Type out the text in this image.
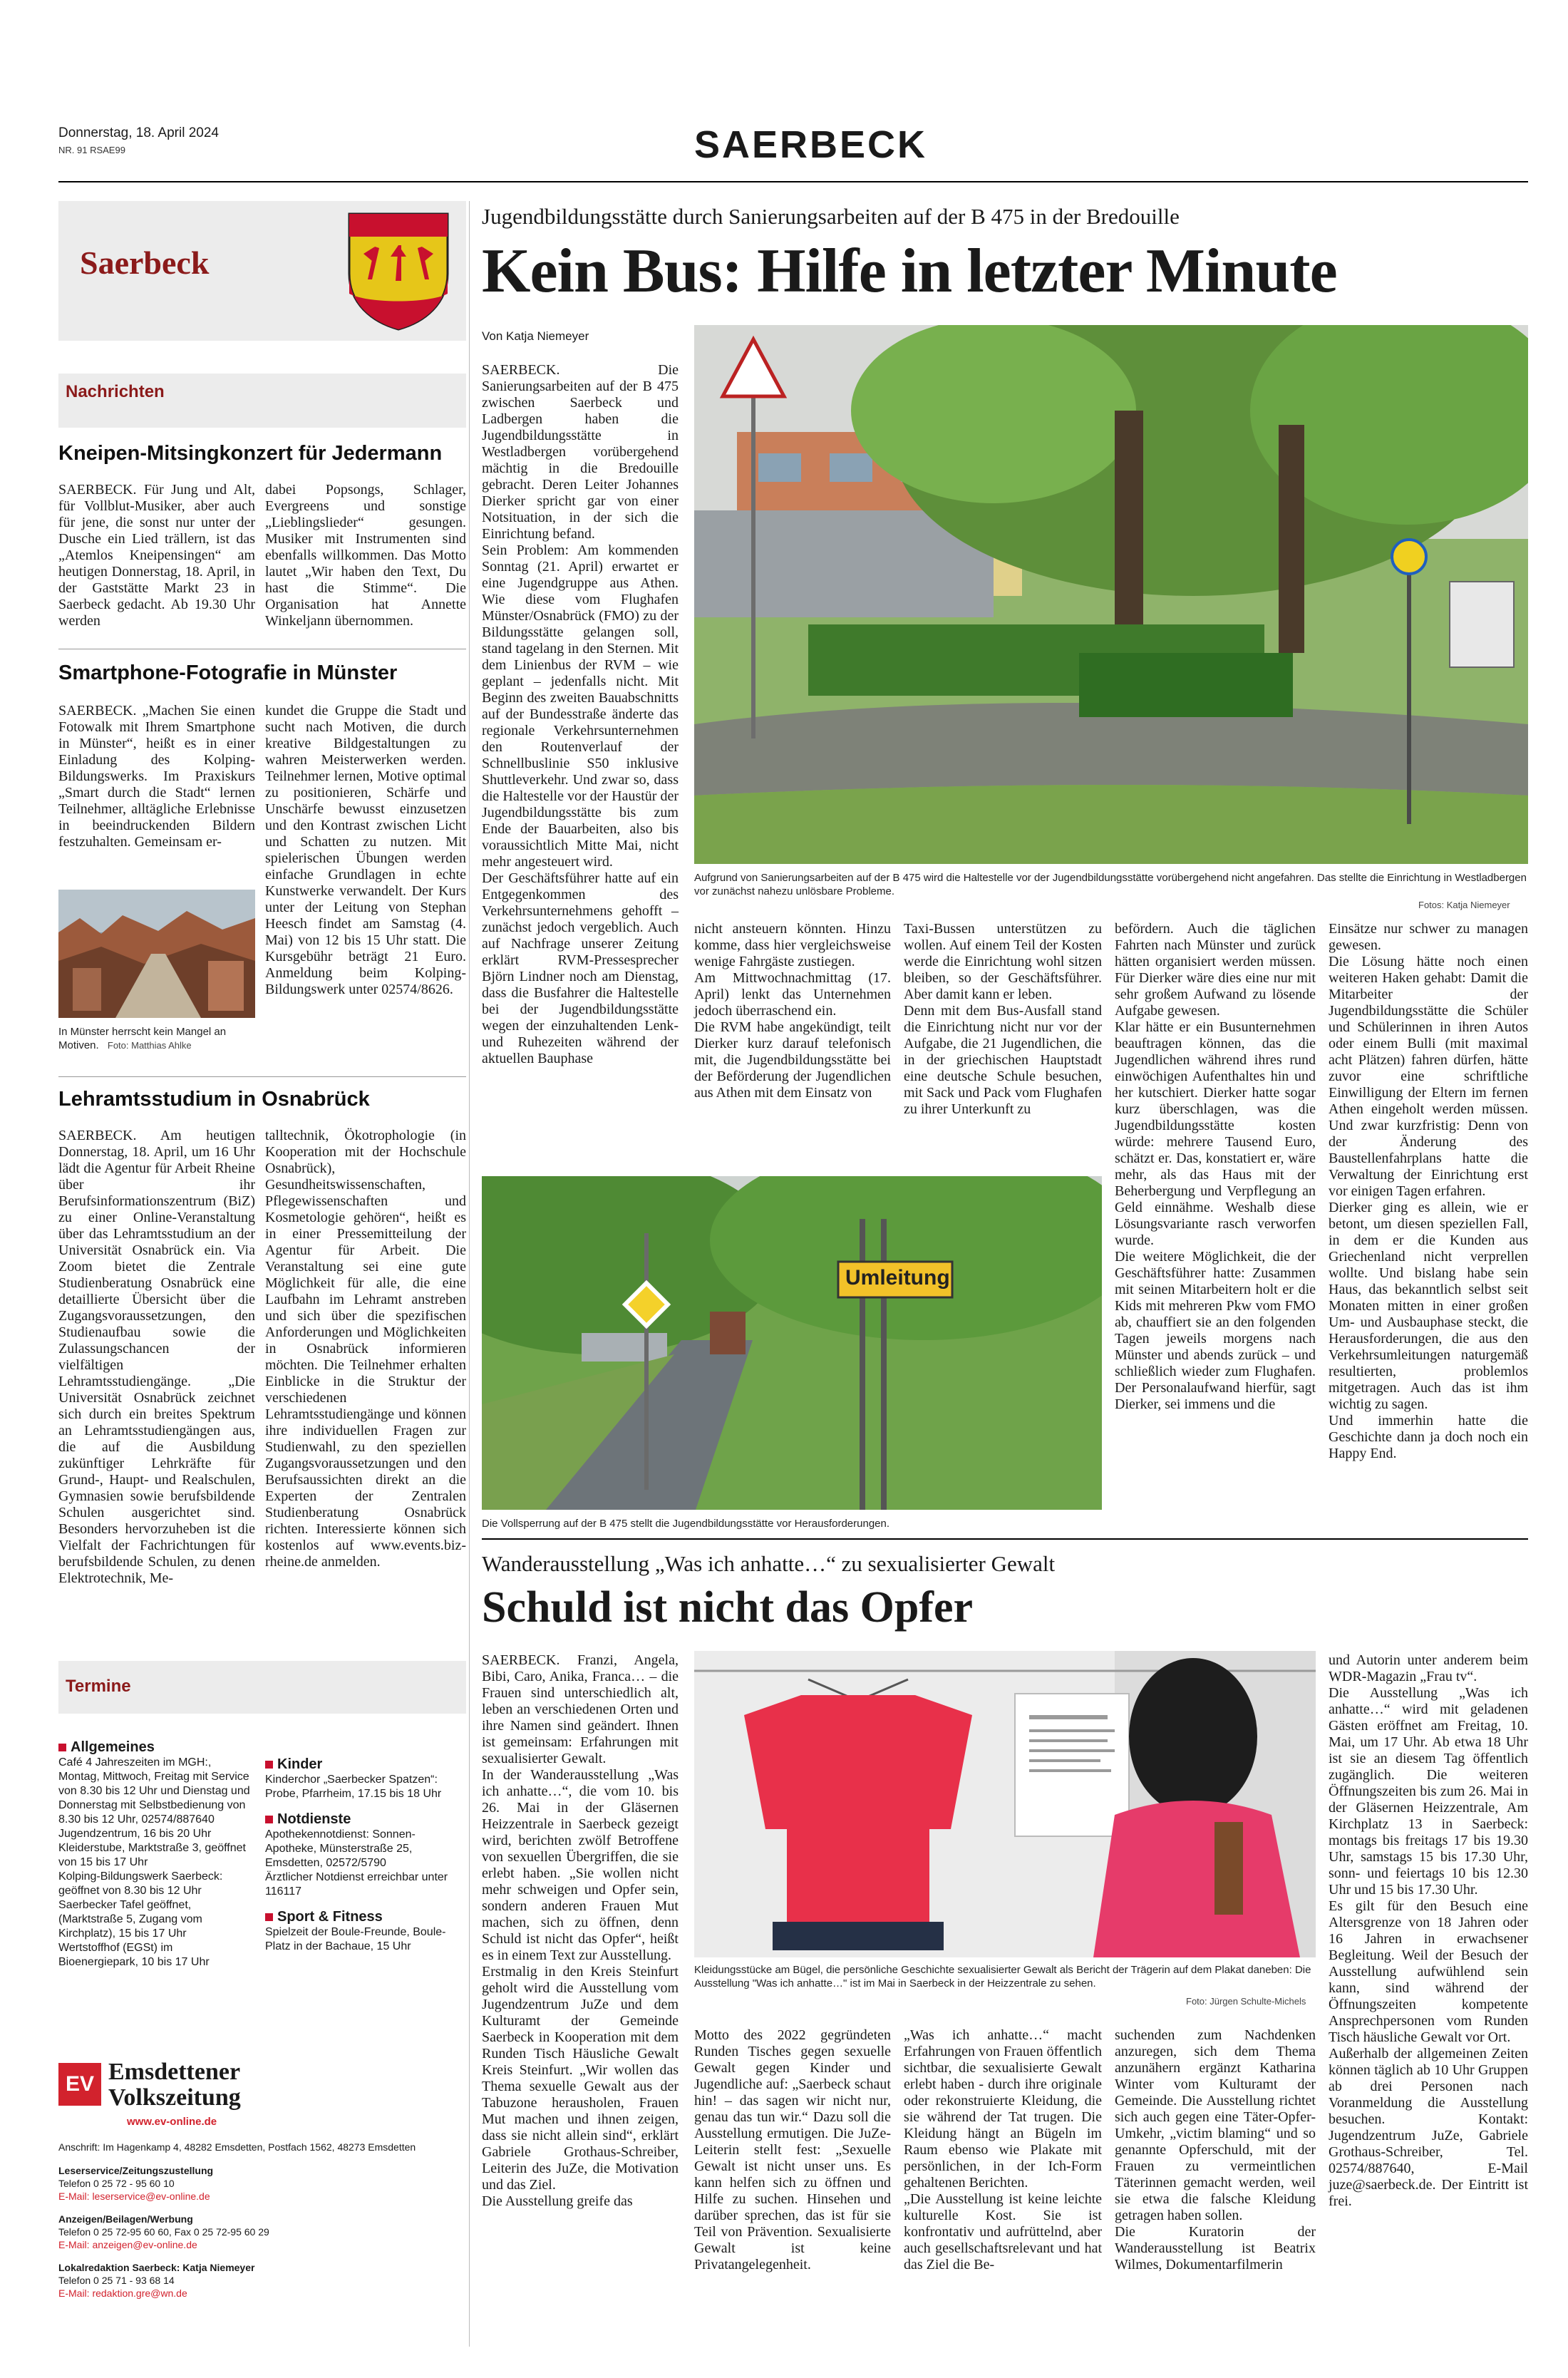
Donnerstag, 18. April 2024
NR. 91 RSAE99	SAERBECK
Saerbeck
Nachrichten
Kneipen-Mitsingkonzert für Jedermann
SAERBECK. Für Jung und Alt, für Vollblut-Musiker, aber auch für jene, die sonst nur unter der Dusche ein Lied trällern, ist das „Atemlos Kneipensingen“ am heutigen Donnerstag, 18. April, in der Gaststätte Markt 23 in Saerbeck gedacht. Ab 19.30 Uhr werden
dabei Popsongs, Schlager, Evergreens und sonstige „Lieblingslieder“ gesungen. Musiker mit Instrumenten sind ebenfalls willkommen. Das Motto lautet „Wir haben den Text, Du hast die Stimme“. Die Organisation hat Annette Winkeljann übernommen.
Smartphone-Fotografie in Münster
SAERBECK. „Machen Sie einen Fotowalk mit Ihrem Smartphone in Münster“, heißt es in einer Einladung des Kolping-Bildungswerks. Im Praxiskurs „Smart durch die Stadt“ lernen Teilnehmer, alltägliche Erlebnisse in beeindruckenden Bildern festzuhalten. Gemeinsam er-
In Münster herrscht kein Mangel an Motiven. Foto: Matthias Ahlke
kundet die Gruppe die Stadt und sucht nach Motiven, die durch kreative Bildgestaltungen zu wahren Meisterwerken werden. Teilnehmer lernen, Motive optimal zu positionieren, Schärfe und Unschärfe bewusst einzusetzen und den Kontrast zwischen Licht und Schatten zu nutzen. Mit spielerischen Übungen werden einfache Grundlagen in echte Kunstwerke verwandelt. Der Kurs unter der Leitung von Stephan Heesch findet am Samstag (4. Mai) von 12 bis 15 Uhr statt. Die Kursgebühr beträgt 21 Euro. Anmeldung beim Kolping-Bildungswerk unter 02574/8626.
Lehramtsstudium in Osnabrück
SAERBECK. Am heutigen Donnerstag, 18. April, um 16 Uhr lädt die Agentur für Arbeit Rheine über ihr Berufsinformationszentrum (BiZ) zu einer Online-Veranstaltung über das Lehramtsstudium an der Universität Osnabrück ein. Via Zoom bietet die Zentrale Studienberatung Osnabrück eine detaillierte Übersicht über die Zugangsvoraussetzungen, den Studienaufbau sowie die Zulassungschancen der vielfältigen Lehramtsstudiengänge. „Die Universität Osnabrück zeichnet sich durch ein breites Spektrum an Lehramtsstudiengängen aus, die auf die Ausbildung zukünftiger Lehrkräfte für Grund-, Haupt- und Realschulen, Gymnasien sowie berufsbildende Schulen ausgerichtet sind. Besonders hervorzuheben ist die Vielfalt der Fachrichtungen für berufsbildende Schulen, zu denen Elektrotechnik, Me-
talltechnik, Ökotrophologie (in Kooperation mit der Hochschule Osnabrück), Gesundheitswissenschaften, Pflegewissenschaften und Kosmetologie gehören“, heißt es in einer Pressemitteilung der Agentur für Arbeit. Die Veranstaltung sei eine gute Möglichkeit für alle, die eine Laufbahn im Lehramt anstreben und sich über die spezifischen Anforderungen und Möglichkeiten in Osnabrück informieren möchten. Die Teilnehmer erhalten Einblicke in die Struktur der verschiedenen Lehramtsstudiengänge und können ihre individuellen Fragen zur Studienwahl, zu den speziellen Zugangsvoraussetzungen und den Berufsaussichten direkt an die Experten der Zentralen Studienberatung Osnabrück richten. Interessierte können sich kostenlos auf www.events.biz-rheine.de anmelden.
Termine
Allgemeines
Café 4 Jahreszeiten im MGH:, Montag, Mittwoch, Freitag mit Service von 8.30 bis 12 Uhr und Dienstag und Donnerstag mit Selbstbedienung von 8.30 bis 12 Uhr, 02574/887640
Jugendzentrum, 16 bis 20 Uhr
Kleiderstube, Marktstraße 3, geöffnet von 15 bis 17 Uhr
Kolping-Bildungswerk Saerbeck: geöffnet von 8.30 bis 12 Uhr
Saerbecker Tafel geöffnet, (Marktstraße 5, Zugang vom Kirchplatz), 15 bis 17 Uhr
Wertstoffhof (EGSt) im Bioenergiepark, 10 bis 17 Uhr
Kinder
Kinderchor „Saerbecker Spatzen“: Probe, Pfarrheim, 17.15 bis 18 Uhr
Notdienste
Apothekennotdienst: Sonnen-Apotheke, Münsterstraße 25, Emsdetten, 02572/5790
Ärztlicher Notdienst erreichbar unter 116117
Sport & Fitness
Spielzeit der Boule-Freunde, Boule-Platz in der Bachaue, 15 Uhr
EV Emsdettener
Volkszeitung
www.ev-online.de
Anschrift: Im Hagenkamp 4, 48282 Emsdetten, Postfach 1562, 48273 Emsdetten
Leserservice/Zeitungszustellung
Telefon 0 25 72 - 95 60 10
E-Mail: leserservice@ev-online.de
Anzeigen/Beilagen/Werbung
Telefon 0 25 72-95 60 60, Fax 0 25 72-95 60 29
E-Mail: anzeigen@ev-online.de
Lokalredaktion Saerbeck: Katja Niemeyer
Telefon 0 25 71 - 93 68 14
E-Mail: redaktion.gre@wn.de
Jugendbildungsstätte durch Sanierungsarbeiten auf der B 475 in der Bredouille
Kein Bus: Hilfe in letzter Minute
Von Katja Niemeyer
SAERBECK. Die Sanierungsarbeiten auf der B 475 zwischen Saerbeck und Ladbergen haben die Jugendbildungsstätte in Westladbergen vorübergehend mächtig in die Bredouille gebracht. Deren Leiter Johannes Dierker spricht gar von einer Notsituation, in der sich die Einrichtung befand.
Sein Problem: Am kommenden Sonntag (21. April) erwartet er eine Jugendgruppe aus Athen. Wie diese vom Flughafen Münster/Osnabrück (FMO) zu der Bildungsstätte gelangen soll, stand tagelang in den Sternen. Mit dem Linienbus der RVM – wie geplant – jedenfalls nicht. Mit Beginn des zweiten Bauabschnitts auf der Bundesstraße änderte das regionale Verkehrsunternehmen den Routenverlauf der Schnellbuslinie S50 inklusive Shuttleverkehr. Und zwar so, dass die Haltestelle vor der Haustür der Jugendbildungsstätte bis zum Ende der Bauarbeiten, also bis voraussichtlich Mitte Mai, nicht mehr angesteuert wird.
Der Geschäftsführer hatte auf ein Entgegenkommen des Verkehrsunternehmens gehofft – zunächst jedoch vergeblich. Auch auf Nachfrage unserer Zeitung erklärt RVM-Pressesprecher Björn Lindner noch am Dienstag, dass die Busfahrer die Haltestelle bei der Jugendbildungsstätte wegen der einzuhaltenden Lenk- und Ruhezeiten während der aktuellen Bauphase
Aufgrund von Sanierungsarbeiten auf der B 475 wird die Haltestelle vor der Jugendbildungsstätte vorübergehend nicht angefahren. Das stellte die Einrichtung in Westladbergen vor zunächst nahezu unlösbare Probleme.
Fotos: Katja Niemeyer
nicht ansteuern könnten. Hinzu komme, dass hier vergleichsweise wenige Fahrgäste zustiegen.
Am Mittwochnachmittag (17. April) lenkt das Unternehmen jedoch überraschend ein.
Die RVM habe angekündigt, teilt Dierker kurz darauf telefonisch mit, die Jugendbildungsstätte bei der Beförderung der Jugendlichen aus Athen mit dem Einsatz von
Taxi-Bussen unterstützen zu wollen. Auf einem Teil der Kosten werde die Einrichtung wohl sitzen bleiben, so der Geschäftsführer. Aber damit kann er leben.
Denn mit dem Bus-Ausfall stand die Einrichtung nicht nur vor der Aufgabe, die 21 Jugendlichen, die in der griechischen Hauptstadt eine deutsche Schule besuchen, mit Sack und Pack vom Flughafen zu ihrer Unterkunft zu
befördern. Auch die täglichen Fahrten nach Münster und zurück hätten organisiert werden müssen. Für Dierker wäre dies eine nur mit sehr großem Aufwand zu lösende Aufgabe gewesen.
Klar hätte er ein Busunternehmen beauftragen können, das die Jugendlichen während ihres rund einwöchigen Aufenthaltes hin und her kutschiert. Dierker hatte sogar kurz überschlagen, was die Jugendbildungsstätte kosten würde: mehrere Tausend Euro, schätzt er. Das, konstatiert er, wäre mehr, als das Haus mit der Beherbergung und Verpflegung an Geld einnähme. Weshalb diese Lösungsvariante rasch verworfen wurde.
Die weitere Möglichkeit, die der Geschäftsführer hatte: Zusammen mit seinen Mitarbeitern holt er die Kids mit mehreren Pkw vom FMO ab, chauffiert sie an den folgenden Tagen jeweils morgens nach Münster und abends zurück – und schließlich wieder zum Flughafen. Der Personalaufwand hierfür, sagt Dierker, sei immens und die
Einsätze nur schwer zu managen gewesen.
Die Lösung hätte noch einen weiteren Haken gehabt: Damit die Mitarbeiter der Jugendbildungsstätte die Schüler und Schülerinnen in ihren Autos oder einem Bulli (mit maximal acht Plätzen) fahren dürfen, hätte zuvor eine schriftliche Einwilligung der Eltern im fernen Athen eingeholt werden müssen. Und zwar kurzfristig: Denn von der Änderung des Baustellenfahrplans hatte die Verwaltung der Einrichtung erst vor einigen Tagen erfahren.
Dierker ging es allein, wie er betont, um diesen speziellen Fall, in dem er die Kunden aus Griechenland nicht verprellen wollte. Und bislang habe sein Haus, das bekanntlich selbst seit Monaten mitten in einer großen Um- und Ausbauphase steckt, die Herausforderungen, die aus den Verkehrsumleitungen naturgemäß resultierten, problemlos mitgetragen. Auch das ist ihm wichtig zu sagen.
Und immerhin hatte die Geschichte dann ja doch noch ein Happy End.
Umleitung
Die Vollsperrung auf der B 475 stellt die Jugendbildungsstätte vor Herausforderungen.
Wanderausstellung „Was ich anhatte…“ zu sexualisierter Gewalt
Schuld ist nicht das Opfer
SAERBECK. Franzi, Angela, Bibi, Caro, Anika, Franca… – die Frauen sind unterschiedlich alt, leben an verschiedenen Orten und ihre Namen sind geändert. Ihnen ist gemeinsam: Erfahrungen mit sexualisierter Gewalt.
In der Wanderausstellung „Was ich anhatte…“, die vom 10. bis 26. Mai in der Gläsernen Heizzentrale in Saerbeck gezeigt wird, berichten zwölf Betroffene von sexuellen Übergriffen, die sie erlebt haben. „Sie wollen nicht mehr schweigen und Opfer sein, sondern anderen Frauen Mut machen, sich zu öffnen, denn Schuld ist nicht das Opfer“, heißt es in einem Text zur Ausstellung.
Erstmalig in den Kreis Steinfurt geholt wird die Ausstellung vom Jugendzentrum JuZe und dem Kulturamt der Gemeinde Saerbeck in Kooperation mit dem Runden Tisch Häusliche Gewalt Kreis Steinfurt. „Wir wollen das Thema sexuelle Gewalt aus der Tabuzone herausholen, Frauen Mut machen und ihnen zeigen, dass sie nicht allein sind“, erklärt Gabriele Grothaus-Schreiber, Leiterin des JuZe, die Motivation und das Ziel.
Die Ausstellung greife das
Kleidungsstücke am Bügel, die persönliche Geschichte sexualisierter Gewalt als Bericht der Trägerin auf dem Plakat daneben: Die Ausstellung "Was ich anhatte…" ist im Mai in Saerbeck in der Heizzentrale zu sehen.
Foto: Jürgen Schulte-Michels
Motto des 2022 gegründeten Runden Tisches gegen sexuelle Gewalt gegen Kinder und Jugendliche auf: „Saerbeck schaut hin! – das sagen wir nicht nur, genau das tun wir.“ Dazu soll die Ausstellung ermutigen. Die JuZe-Leiterin stellt fest: „Sexuelle Gewalt ist nicht unser uns. Es kann helfen sich zu öffnen und Hilfe zu suchen. Hinsehen und darüber sprechen, das ist für sie Teil von Prävention. Sexualisierte Gewalt ist keine Privatangelegenheit.
„Was ich anhatte…“ macht Erfahrungen von Frauen öffentlich sichtbar, die sexualisierte Gewalt erlebt haben - durch ihre originale oder rekonstruierte Kleidung, die sie während der Tat trugen. Die Kleidung hängt an Bügeln im Raum ebenso wie Plakate mit persönlichen, in der Ich-Form gehaltenen Berichten.
„Die Ausstellung ist keine leichte kulturelle Kost. Sie ist konfrontativ und aufrüttelnd, aber auch gesellschaftsrelevant und hat das Ziel die Be-
suchenden zum Nachdenken anzuregen, sich dem Thema anzunähern ergänzt Katharina Winter vom Kulturamt der Gemeinde. Die Ausstellung richtet sich auch gegen eine Täter-Opfer-Umkehr, „victim blaming“ und so genannte Opferschuld, mit der Frauen zu vermeintlichen Täterinnen gemacht werden, weil sie etwa die falsche Kleidung getragen haben sollen.
Die Kuratorin der Wanderausstellung ist Beatrix Wilmes, Dokumentarfilmerin
und Autorin unter anderem beim WDR-Magazin „Frau tv“.
Die Ausstellung „Was ich anhatte…“ wird mit geladenen Gästen eröffnet am Freitag, 10. Mai, um 17 Uhr. Ab etwa 18 Uhr ist sie an diesem Tag öffentlich zugänglich. Die weiteren Öffnungszeiten bis zum 26. Mai in der Gläsernen Heizzentrale, Am Kirchplatz 13 in Saerbeck: montags bis freitags 17 bis 19.30 Uhr, samstags 15 bis 17.30 Uhr, sonn- und feiertags 10 bis 12.30 Uhr und 15 bis 17.30 Uhr.
Es gilt für den Besuch eine Altersgrenze von 18 Jahren oder 16 Jahren in erwachsener Begleitung. Weil der Besuch der Ausstellung aufwühlend sein kann, sind während der Öffnungszeiten kompetente Ansprechpersonen vom Runden Tisch häusliche Gewalt vor Ort.
Außerhalb der allgemeinen Zeiten können täglich ab 10 Uhr Gruppen ab drei Personen nach Voranmeldung die Ausstellung besuchen. Kontakt: Jugendzentrum JuZe, Gabriele Grothaus-Schreiber, Tel. 02574/887640, E-Mail juze@saerbeck.de. Der Eintritt ist frei.
